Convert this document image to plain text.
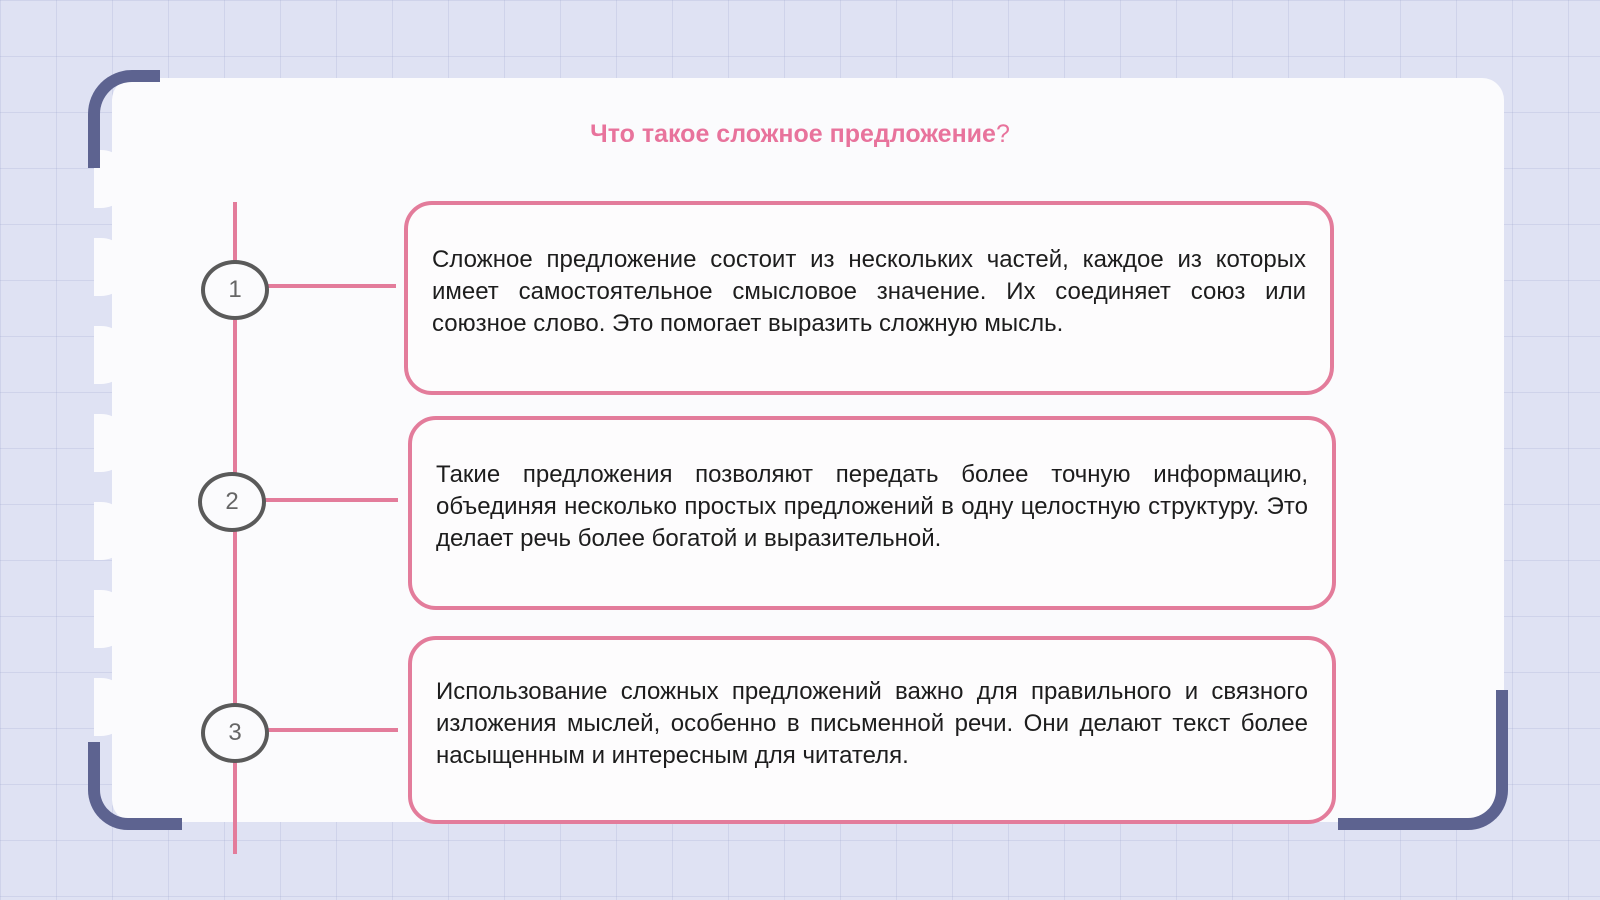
Что такое сложное предложение?
1
Сложное предложение состоит из нескольких частей, каждое из которых имеет самостоятельное смысловое значение. Их соединяет союз или союзное слово. Это помогает выразить сложную мысль.
2
Такие предложения позволяют передать более точную информацию, объединяя несколько простых предложений в одну целостную структуру. Это делает речь более богатой и выразительной.
3
Использование сложных предложений важно для правильного и связного изложения мыслей, особенно в письменной речи. Они делают текст более насыщенным и интересным для читателя.
